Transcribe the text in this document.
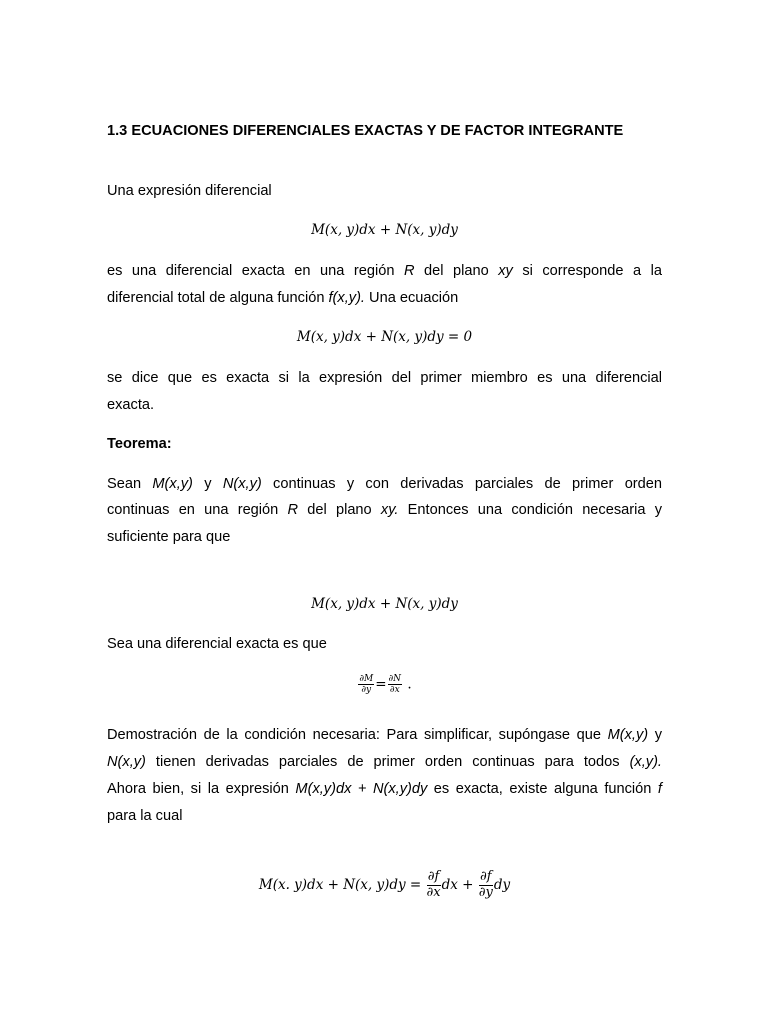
1.3 ECUACIONES DIFERENCIALES EXACTAS Y DE FACTOR INTEGRANTE
Una expresión diferencial
M(x, y)dx + N(x, y)dy
es una diferencial exacta en una región R del plano xy si corresponde a la
diferencial total de alguna función f(x,y). Una ecuación
M(x, y)dx + N(x, y)dy = 0
se dice que es exacta si la expresión del primer miembro es una diferencial
exacta.
Teorema:
Sean M(x,y) y N(x,y) continuas y con derivadas parciales de primer orden
continuas en una región R del plano xy. Entonces una condición necesaria y
suficiente para que
M(x, y)dx + N(x, y)dy
Sea una diferencial exacta es que
$\frac{\partial M}{\partial y} = \frac{\partial N}{\partial x}$ .
Demostración de la condición necesaria: Para simplificar, supóngase que M(x,y) y
N(x,y) tienen derivadas parciales de primer orden continuas para todos (x,y).
Ahora bien, si la expresión M(x,y)dx + N(x,y)dy es exacta, existe alguna función f
para la cual
M(x. y)dx + N(x, $y)dy = \frac{\partial f}{\partial x}$ dx + $\frac{\partial f}{\partial y}$ dy
